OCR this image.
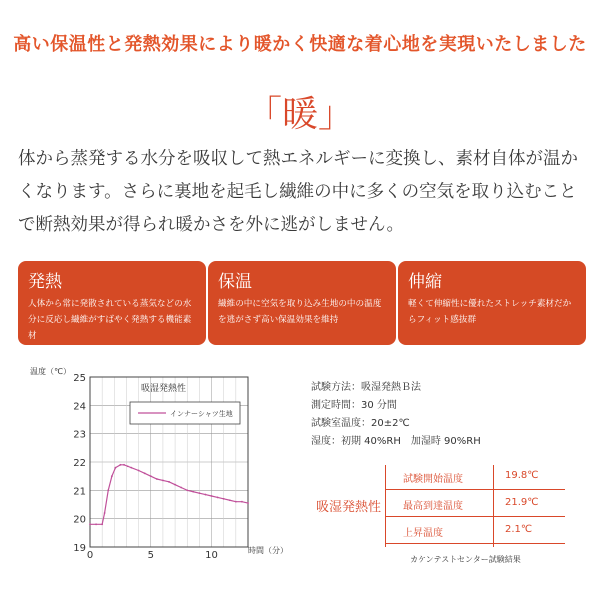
高い保温性と発熱効果により暖かく快適な着心地を実現いたしました
「暖」
体から蒸発する水分を吸収して熱エネルギーに変換し、素材自体が温かくなります。さらに裏地を起毛し繊維の中に多くの空気を取り込むことで断熱効果が得られ暖かさを外に逃がしません。
発熱
人体から常に発散されている蒸気などの水分に反応し繊維がすばやく発熱する機能素材
保温
繊維の中に空気を取り込み生地の中の温度を逃がさず高い保温効果を維持
伸縮
軽くて伸縮性に優れたストレッチ素材だからフィット感抜群
温度（℃）
時間（分）
19
20
21
22
23
24
25
0	5	10
吸湿発熱性
インナーシャツ生地
試験方法：吸湿発熱Ｂ法
測定時間：30 分間
試験室温度：20±2℃
湿度：初期 40%RH　加湿時 90%RH
吸湿発熱性
試験開始温度	19.8℃
最高到達温度	21.9℃
上昇温度	2.1℃
カケンテストセンター試験結果
